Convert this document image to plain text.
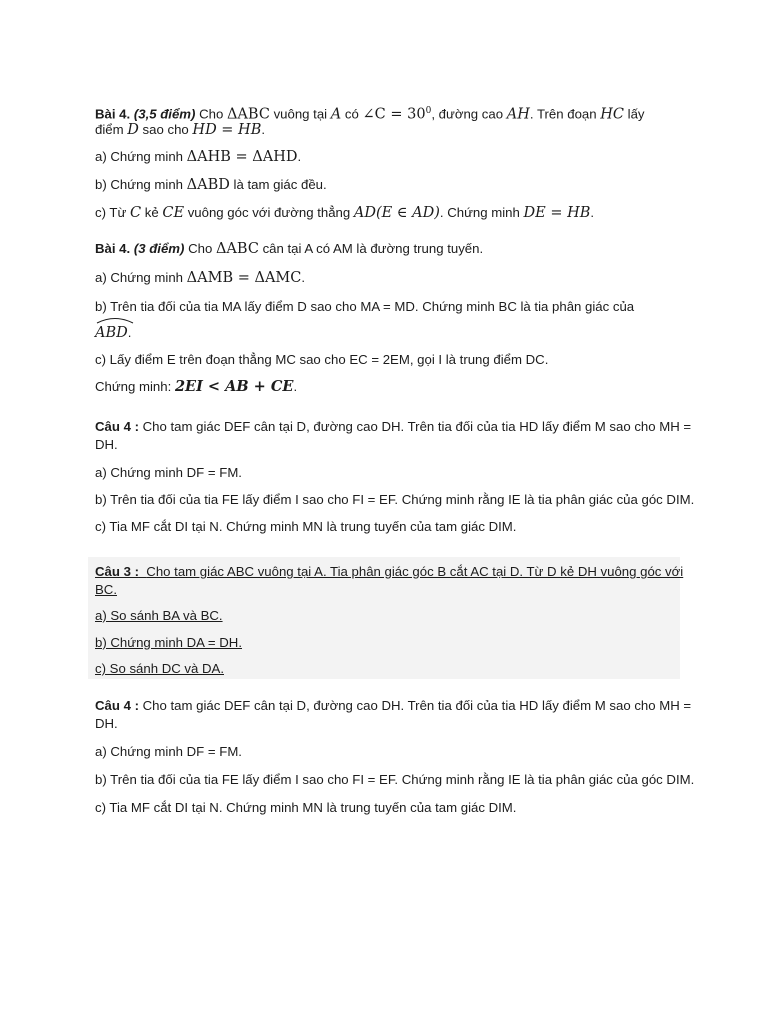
Bài 4. (3,5 điểm) Cho ΔABC vuông tại A có ∠C = $30^0$, đường cao AH. Trên đoạn HC lấy
điểm D sao cho HD = HB.
a) Chứng minh ΔAHB = ΔAHD.
b) Chứng minh ΔABD là tam giác đều.
c) Từ C kẻ CE vuông góc với đường thẳng AD(E ∈ AD). Chứng minh DE = HB.
Bài 4. (3 điểm) Cho ΔABC cân tại A có AM là đường trung tuyến.
a) Chứng minh ΔAMB = ΔAMC.
b) Trên tia đối của tia MA lấy điểm D sao cho MA = MD. Chứng minh BC là tia phân giác của
ABD.
c) Lấy điểm E trên đoạn thẳng MC sao cho EC = 2EM, gọi I là trung điểm DC.
Chứng minh: 2EI < AB + CE.
Câu 4 : Cho tam giác DEF cân tại D, đường cao DH. Trên tia đối của tia HD lấy điểm M sao cho MH =
DH.
a) Chứng minh DF = FM.
b) Trên tia đối của tia FE lấy điểm I sao cho FI = EF. Chứng minh rằng IE là tia phân giác của góc DIM.
c) Tia MF cắt DI tại N. Chứng minh MN là trung tuyến của tam giác DIM.
Câu 3 : Cho tam giác ABC vuông tại A. Tia phân giác góc B cắt AC tại D. Từ D kẻ DH vuông góc với
BC.
a) So sánh BA và BC.
b) Chứng minh DA = DH.
c) So sánh DC và DA.
Câu 4 : Cho tam giác DEF cân tại D, đường cao DH. Trên tia đối của tia HD lấy điểm M sao cho MH =
DH.
a) Chứng minh DF = FM.
b) Trên tia đối của tia FE lấy điểm I sao cho FI = EF. Chứng minh rằng IE là tia phân giác của góc DIM.
c) Tia MF cắt DI tại N. Chứng minh MN là trung tuyến của tam giác DIM.
